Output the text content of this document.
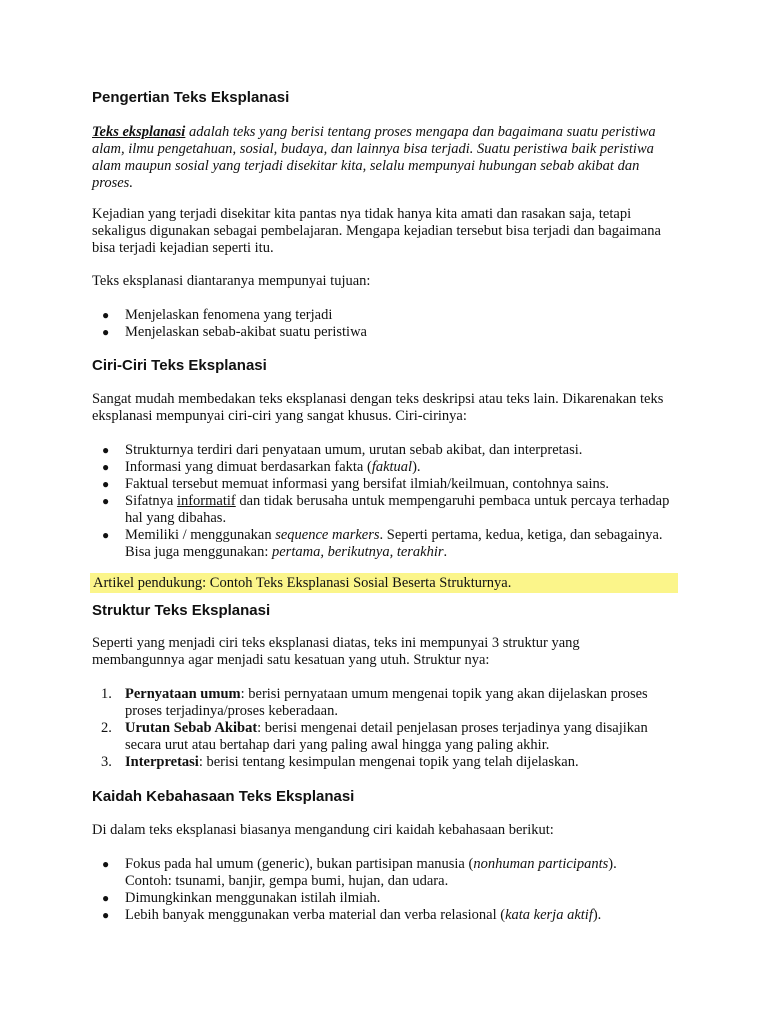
Pengertian Teks Eksplanasi
Teks eksplanasi adalah teks yang berisi tentang proses mengapa dan bagaimana suatu peristiwa alam, ilmu pengetahuan, sosial, budaya, dan lainnya bisa terjadi. Suatu peristiwa baik peristiwa alam maupun sosial yang terjadi disekitar kita, selalu mempunyai hubungan sebab akibat dan proses.
Kejadian yang terjadi disekitar kita pantas nya tidak hanya kita amati dan rasakan saja, tetapi sekaligus digunakan sebagai pembelajaran. Mengapa kejadian tersebut bisa terjadi dan bagaimana bisa terjadi kejadian seperti itu.
Teks eksplanasi diantaranya mempunyai tujuan:
● Menjelaskan fenomena yang terjadi
● Menjelaskan sebab-akibat suatu peristiwa
Ciri-Ciri Teks Eksplanasi
Sangat mudah membedakan teks eksplanasi dengan teks deskripsi atau teks lain. Dikarenakan teks eksplanasi mempunyai ciri-ciri yang sangat khusus. Ciri-cirinya:
● Strukturnya terdiri dari penyataan umum, urutan sebab akibat, dan interpretasi.
● Informasi yang dimuat berdasarkan fakta (faktual).
● Faktual tersebut memuat informasi yang bersifat ilmiah/keilmuan, contohnya sains.
● Sifatnya informatif dan tidak berusaha untuk mempengaruhi pembaca untuk percaya terhadap hal yang dibahas.
● Memiliki / menggunakan sequence markers. Seperti pertama, kedua, ketiga, dan sebagainya. Bisa juga menggunakan: pertama, berikutnya, terakhir.
Artikel pendukung: Contoh Teks Eksplanasi Sosial Beserta Strukturnya.
Struktur Teks Eksplanasi
Seperti yang menjadi ciri teks eksplanasi diatas, teks ini mempunyai 3 struktur yang membangunnya agar menjadi satu kesatuan yang utuh. Struktur nya:
1. Pernyataan umum: berisi pernyataan umum mengenai topik yang akan dijelaskan proses proses terjadinya/proses keberadaan.
2. Urutan Sebab Akibat: berisi mengenai detail penjelasan proses terjadinya yang disajikan secara urut atau bertahap dari yang paling awal hingga yang paling akhir.
3. Interpretasi: berisi tentang kesimpulan mengenai topik yang telah dijelaskan.
Kaidah Kebahasaan Teks Eksplanasi
Di dalam teks eksplanasi biasanya mengandung ciri kaidah kebahasaan berikut:
● Fokus pada hal umum (generic), bukan partisipan manusia (nonhuman participants). Contoh: tsunami, banjir, gempa bumi, hujan, dan udara.
● Dimungkinkan menggunakan istilah ilmiah.
● Lebih banyak menggunakan verba material dan verba relasional (kata kerja aktif).
